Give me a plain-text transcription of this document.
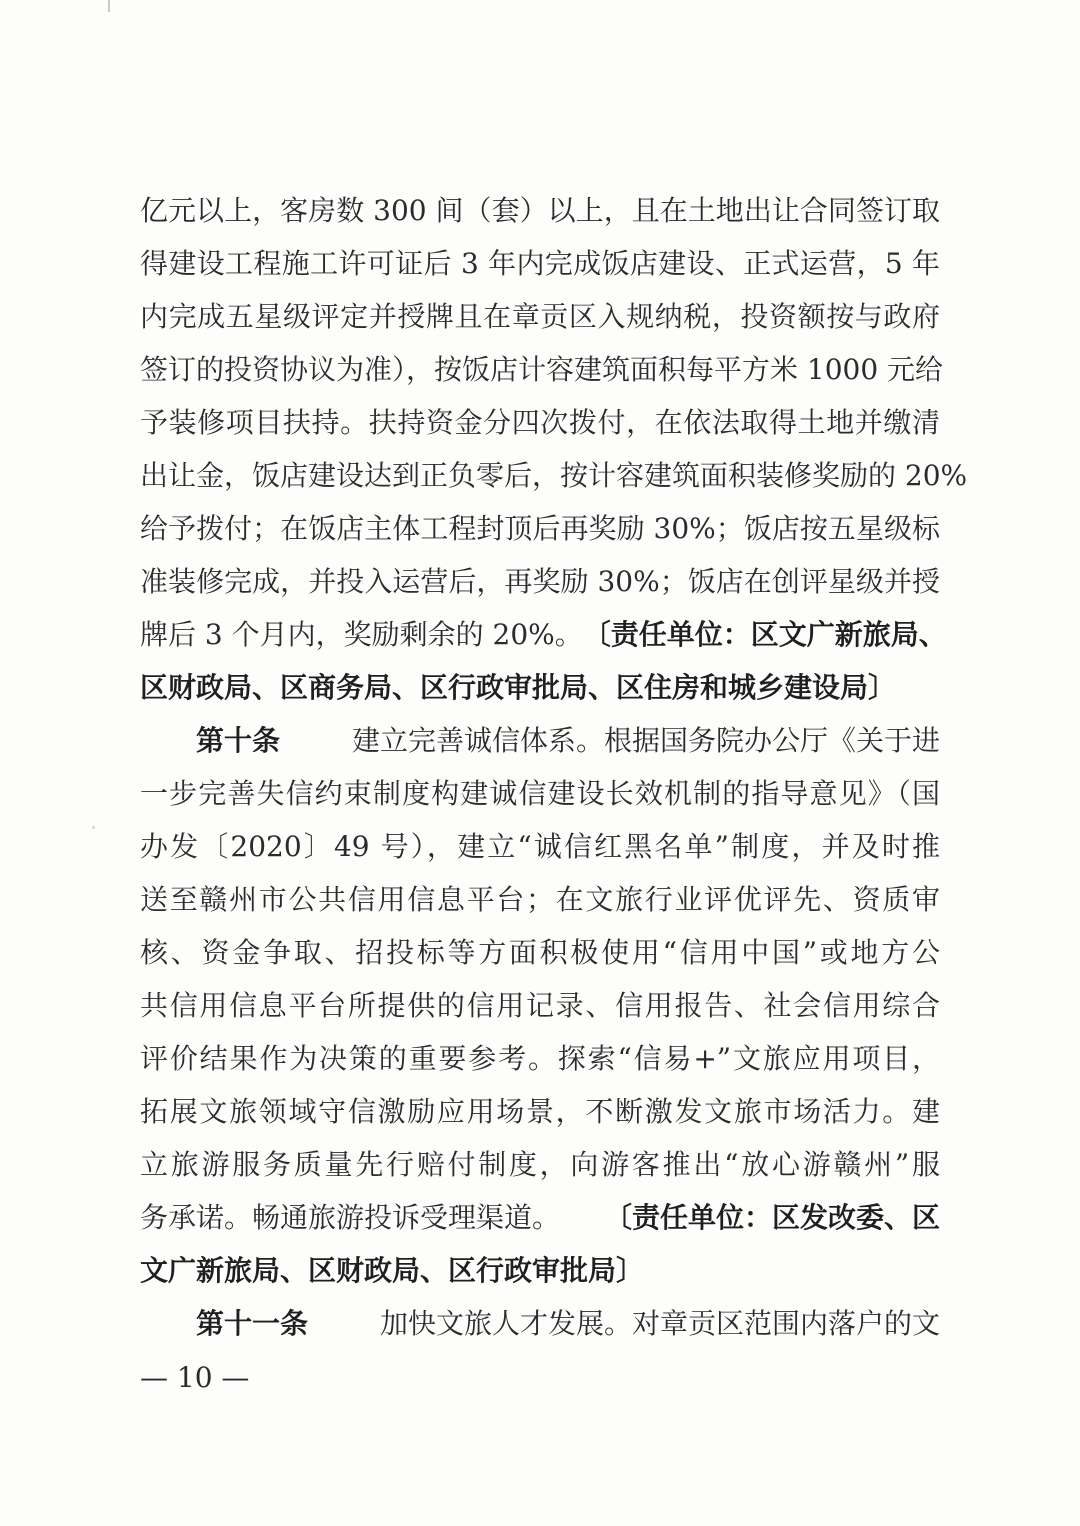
亿元以上，客房数 300 间（套）以上，且在土地出让合同签订取
得建设工程施工许可证后 3 年内完成饭店建设、正式运营，5 年
内完成五星级评定并授牌且在章贡区入规纳税，投资额按与政府
签订的投资协议为准），按饭店计容建筑面积每平方米 1000 元给
予装修项目扶持。扶持资金分四次拨付，在依法取得土地并缴清
出让金，饭店建设达到正负零后，按计容建筑面积装修奖励的 20%
给予拨付；在饭店主体工程封顶后再奖励 30%；饭店按五星级标
准装修完成，并投入运营后，再奖励 30%；饭店在创评星级并授
牌后 3 个月内，奖励剩余的 20%。 〔责任单位：区文广新旅局、
区财政局、区商务局、区行政审批局、区住房和城乡建设局〕
第十条	建立完善诚信体系。根据国务院办公厅《关于进
一步完善失信约束制度构建诚信建设长效机制的指导意见》（国
办发〔2020〕49 号），建立“诚信红黑名单”制度，并及时推
送至赣州市公共信用信息平台；在文旅行业评优评先、资质审
核、资金争取、招投标等方面积极使用“信用中国”或地方公
共信用信息平台所提供的信用记录、信用报告、社会信用综合
评价结果作为决策的重要参考。探索“信易+”文旅应用项目，
拓展文旅领域守信激励应用场景，不断激发文旅市场活力。建
立旅游服务质量先行赔付制度，向游客推出“放心游赣州”服
务承诺。畅通旅游投诉受理渠道。 〔责任单位：区发改委、区
文广新旅局、区财政局、区行政审批局〕
第十一条	加快文旅人才发展。对章贡区范围内落户的文
— 10 —
